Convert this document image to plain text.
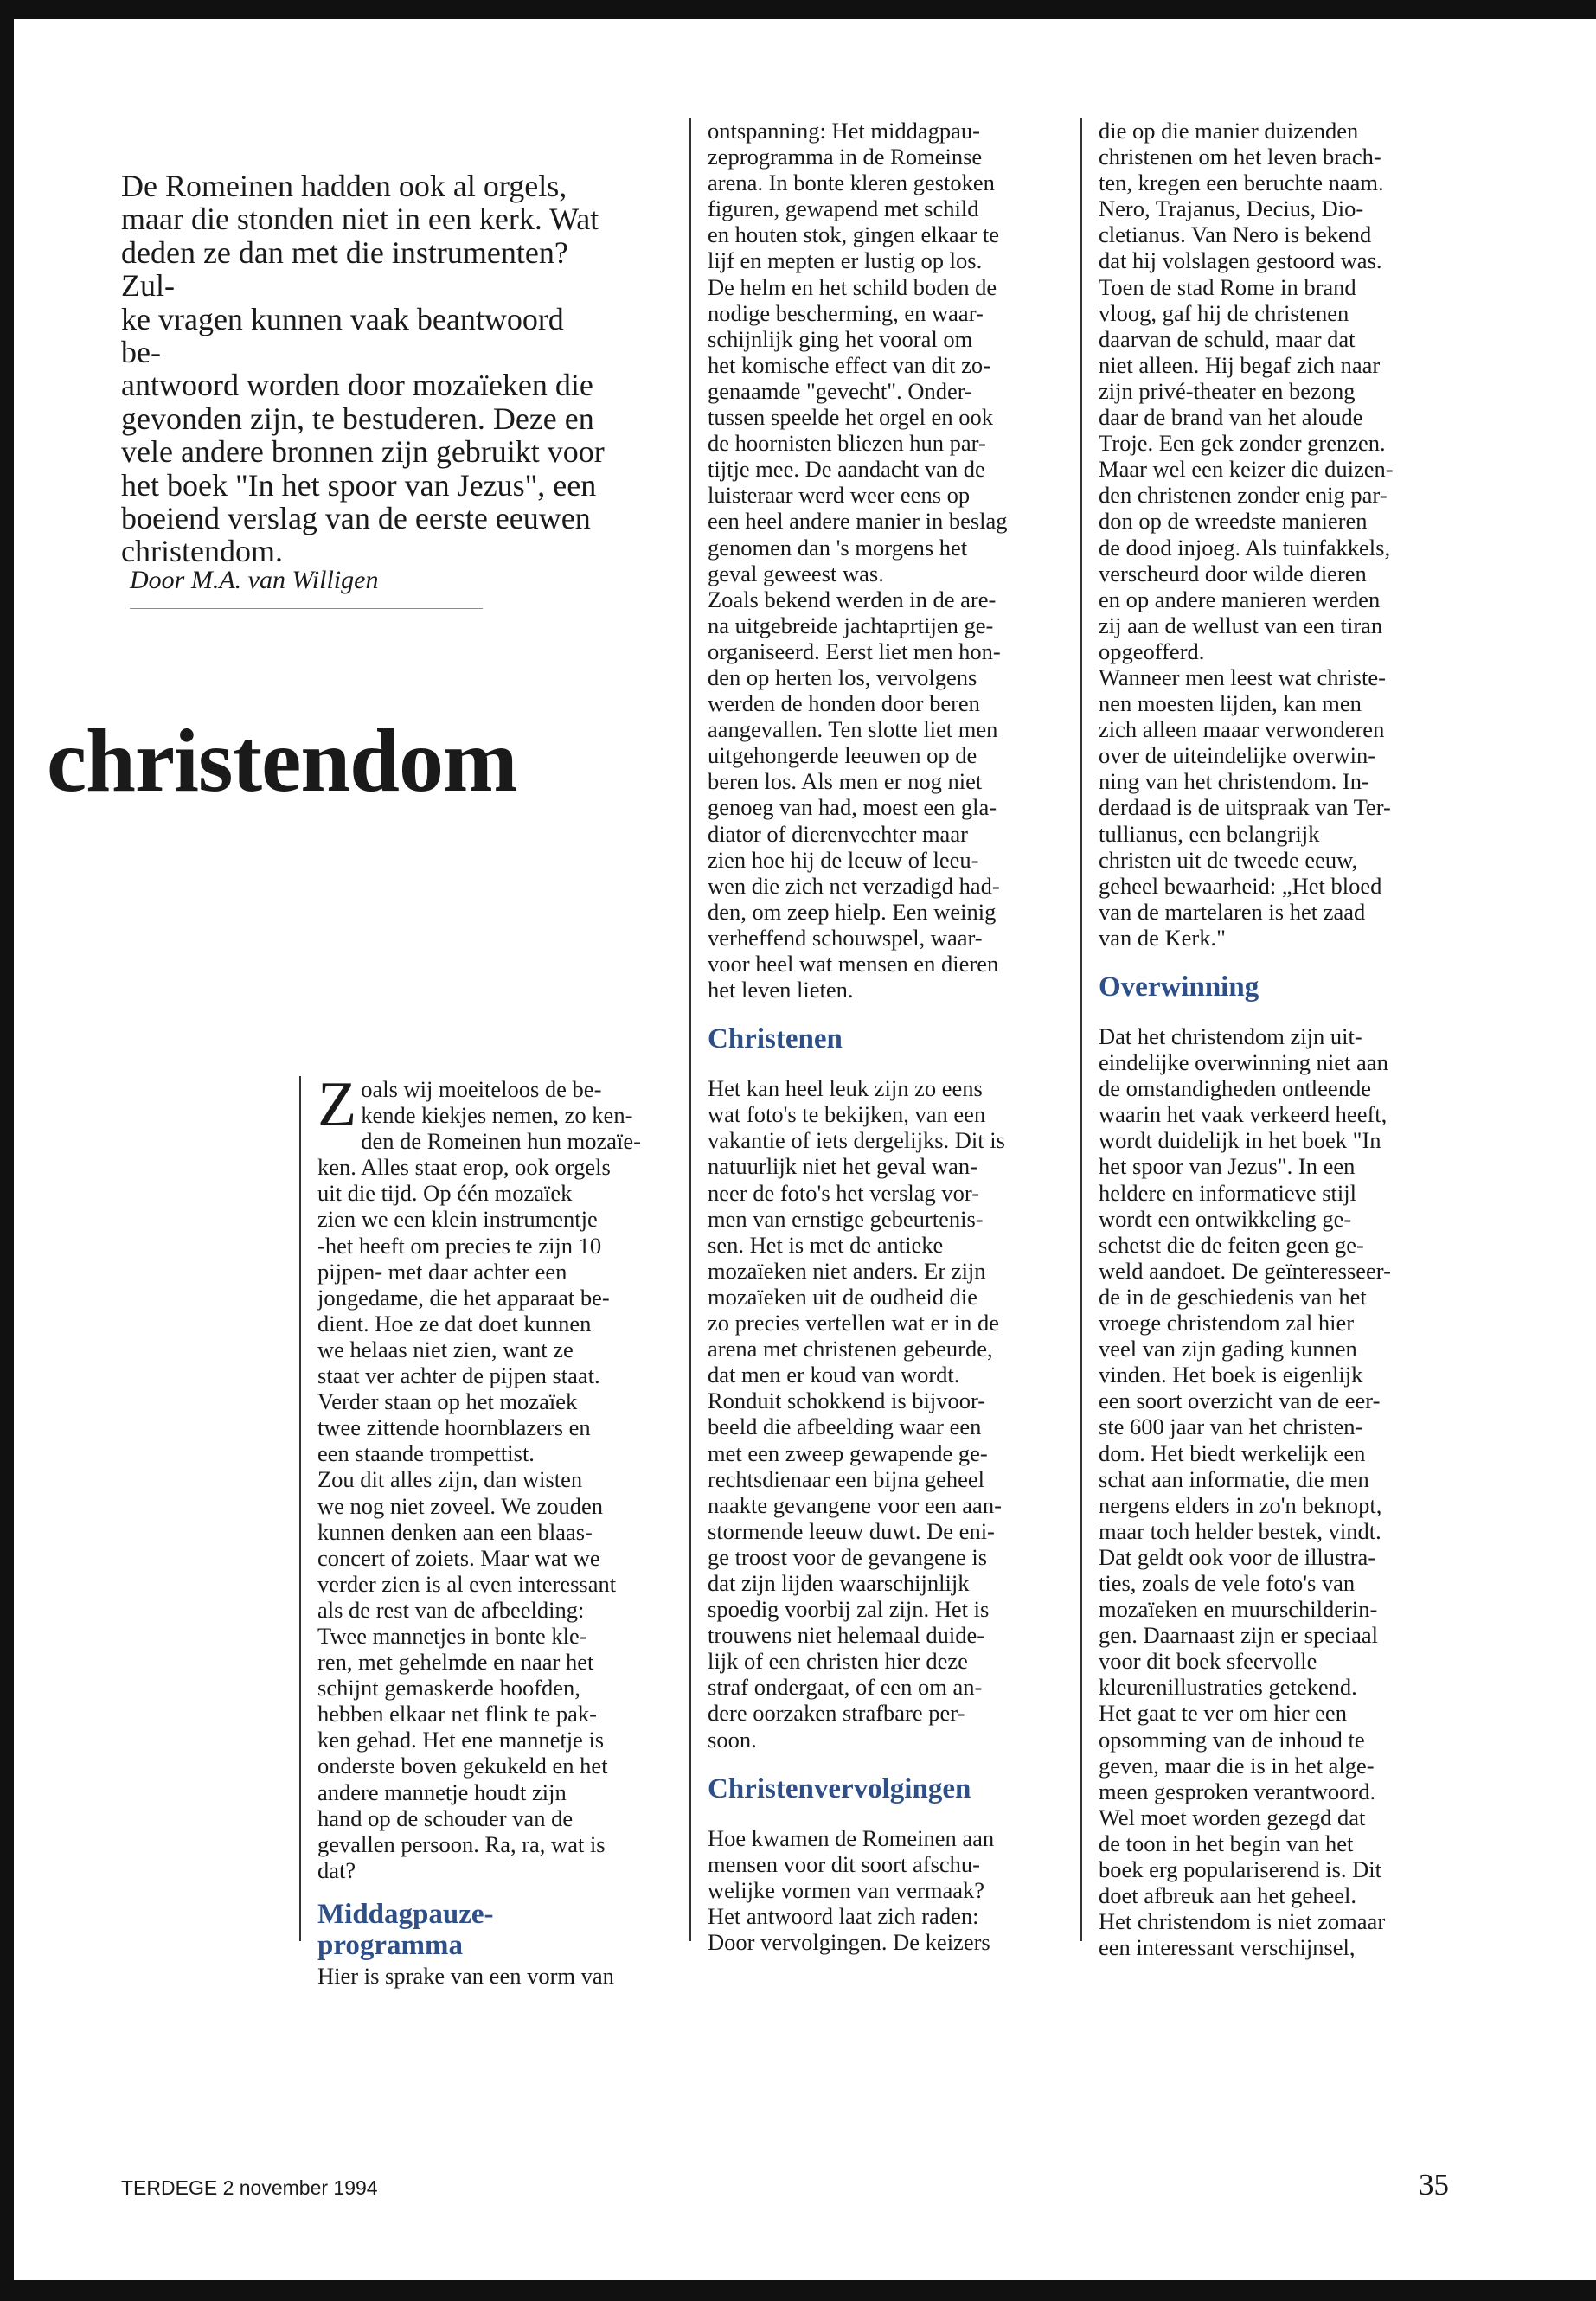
De Romeinen hadden ook al orgels,
maar die stonden niet in een kerk. Wat
deden ze dan met die instrumenten? Zul-
ke vragen kunnen vaak beantwoord be-
antwoord worden door mozaïeken die
gevonden zijn, te bestuderen. Deze en
vele andere bronnen zijn gebruikt voor
het boek "In het spoor van Jezus", een
boeiend verslag van de eerste eeuwen
christendom.

Door M.A. van Willigen

christendom

Zoals wij moeiteloos de be-
kende kiekjes nemen, zo ken-
den de Romeinen hun mozaïe-
ken. Alles staat erop, ook orgels
uit die tijd. Op één mozaïek
zien we een klein instrumentje
-het heeft om precies te zijn 10
pijpen- met daar achter een
jongedame, die het apparaat be-
dient. Hoe ze dat doet kunnen
we helaas niet zien, want ze
staat ver achter de pijpen staat.
Verder staan op het mozaïek
twee zittende hoornblazers en
een staande trompettist.
Zou dit alles zijn, dan wisten
we nog niet zoveel. We zouden
kunnen denken aan een blaas-
concert of zoiets. Maar wat we
verder zien is al even interessant
als de rest van de afbeelding:
Twee mannetjes in bonte kle-
ren, met gehelmde en naar het
schijnt gemaskerde hoofden,
hebben elkaar net flink te pak-
ken gehad. Het ene mannetje is
onderste boven gekukeld en het
andere mannetje houdt zijn
hand op de schouder van de
gevallen persoon. Ra, ra, wat is
dat?

Middagpauze-
programma

Hier is sprake van een vorm van

ontspanning: Het middagpau-
zeprogramma in de Romeinse
arena. In bonte kleren gestoken
figuren, gewapend met schild
en houten stok, gingen elkaar te
lijf en mepten er lustig op los.
De helm en het schild boden de
nodige bescherming, en waar-
schijnlijk ging het vooral om
het komische effect van dit zo-
genaamde "gevecht". Onder-
tussen speelde het orgel en ook
de hoornisten bliezen hun par-
tijtje mee. De aandacht van de
luisteraar werd weer eens op
een heel andere manier in beslag
genomen dan 's morgens het
geval geweest was.
Zoals bekend werden in de are-
na uitgebreide jachtaprtijen ge-
organiseerd. Eerst liet men hon-
den op herten los, vervolgens
werden de honden door beren
aangevallen. Ten slotte liet men
uitgehongerde leeuwen op de
beren los. Als men er nog niet
genoeg van had, moest een gla-
diator of dierenvechter maar
zien hoe hij de leeuw of leeu-
wen die zich net verzadigd had-
den, om zeep hielp. Een weinig
verheffend schouwspel, waar-
voor heel wat mensen en dieren
het leven lieten.

Christenen

Het kan heel leuk zijn zo eens
wat foto's te bekijken, van een
vakantie of iets dergelijks. Dit is
natuurlijk niet het geval wan-
neer de foto's het verslag vor-
men van ernstige gebeurtenis-
sen. Het is met de antieke
mozaïeken niet anders. Er zijn
mozaïeken uit de oudheid die
zo precies vertellen wat er in de
arena met christenen gebeurde,
dat men er koud van wordt.
Ronduit schokkend is bijvoor-
beeld die afbeelding waar een
met een zweep gewapende ge-
rechtsdienaar een bijna geheel
naakte gevangene voor een aan-
stormende leeuw duwt. De eni-
ge troost voor de gevangene is
dat zijn lijden waarschijnlijk
spoedig voorbij zal zijn. Het is
trouwens niet helemaal duide-
lijk of een christen hier deze
straf ondergaat, of een om an-
dere oorzaken strafbare per-
soon.

Christenvervolgingen

Hoe kwamen de Romeinen aan
mensen voor dit soort afschu-
welijke vormen van vermaak?
Het antwoord laat zich raden:
Door vervolgingen. De keizers

die op die manier duizenden
christenen om het leven brach-
ten, kregen een beruchte naam.
Nero, Trajanus, Decius, Dio-
cletianus. Van Nero is bekend
dat hij volslagen gestoord was.
Toen de stad Rome in brand
vloog, gaf hij de christenen
daarvan de schuld, maar dat
niet alleen. Hij begaf zich naar
zijn privé-theater en bezong
daar de brand van het aloude
Troje. Een gek zonder grenzen.
Maar wel een keizer die duizen-
den christenen zonder enig par-
don op de wreedste manieren
de dood injoeg. Als tuinfakkels,
verscheurd door wilde dieren
en op andere manieren werden
zij aan de wellust van een tiran
opgeofferd.
Wanneer men leest wat christe-
nen moesten lijden, kan men
zich alleen maaar verwonderen
over de uiteindelijke overwin-
ning van het christendom. In-
derdaad is de uitspraak van Ter-
tullianus, een belangrijk
christen uit de tweede eeuw,
geheel bewaarheid: „Het bloed
van de martelaren is het zaad
van de Kerk."

Overwinning

Dat het christendom zijn uit-
eindelijke overwinning niet aan
de omstandigheden ontleende
waarin het vaak verkeerd heeft,
wordt duidelijk in het boek "In
het spoor van Jezus". In een
heldere en informatieve stijl
wordt een ontwikkeling ge-
schetst die de feiten geen ge-
weld aandoet. De geïnteresseer-
de in de geschiedenis van het
vroege christendom zal hier
veel van zijn gading kunnen
vinden. Het boek is eigenlijk
een soort overzicht van de eer-
ste 600 jaar van het christen-
dom. Het biedt werkelijk een
schat aan informatie, die men
nergens elders in zo'n beknopt,
maar toch helder bestek, vindt.
Dat geldt ook voor de illustra-
ties, zoals de vele foto's van
mozaïeken en muurschilderin-
gen. Daarnaast zijn er speciaal
voor dit boek sfeervolle
kleurenillustraties getekend.
Het gaat te ver om hier een
opsomming van de inhoud te
geven, maar die is in het alge-
meen gesproken verantwoord.
Wel moet worden gezegd dat
de toon in het begin van het
boek erg populariserend is. Dit
doet afbreuk aan het geheel.
Het christendom is niet zomaar
een interessant verschijnsel,

TERDEGE 2 november 1994	35
